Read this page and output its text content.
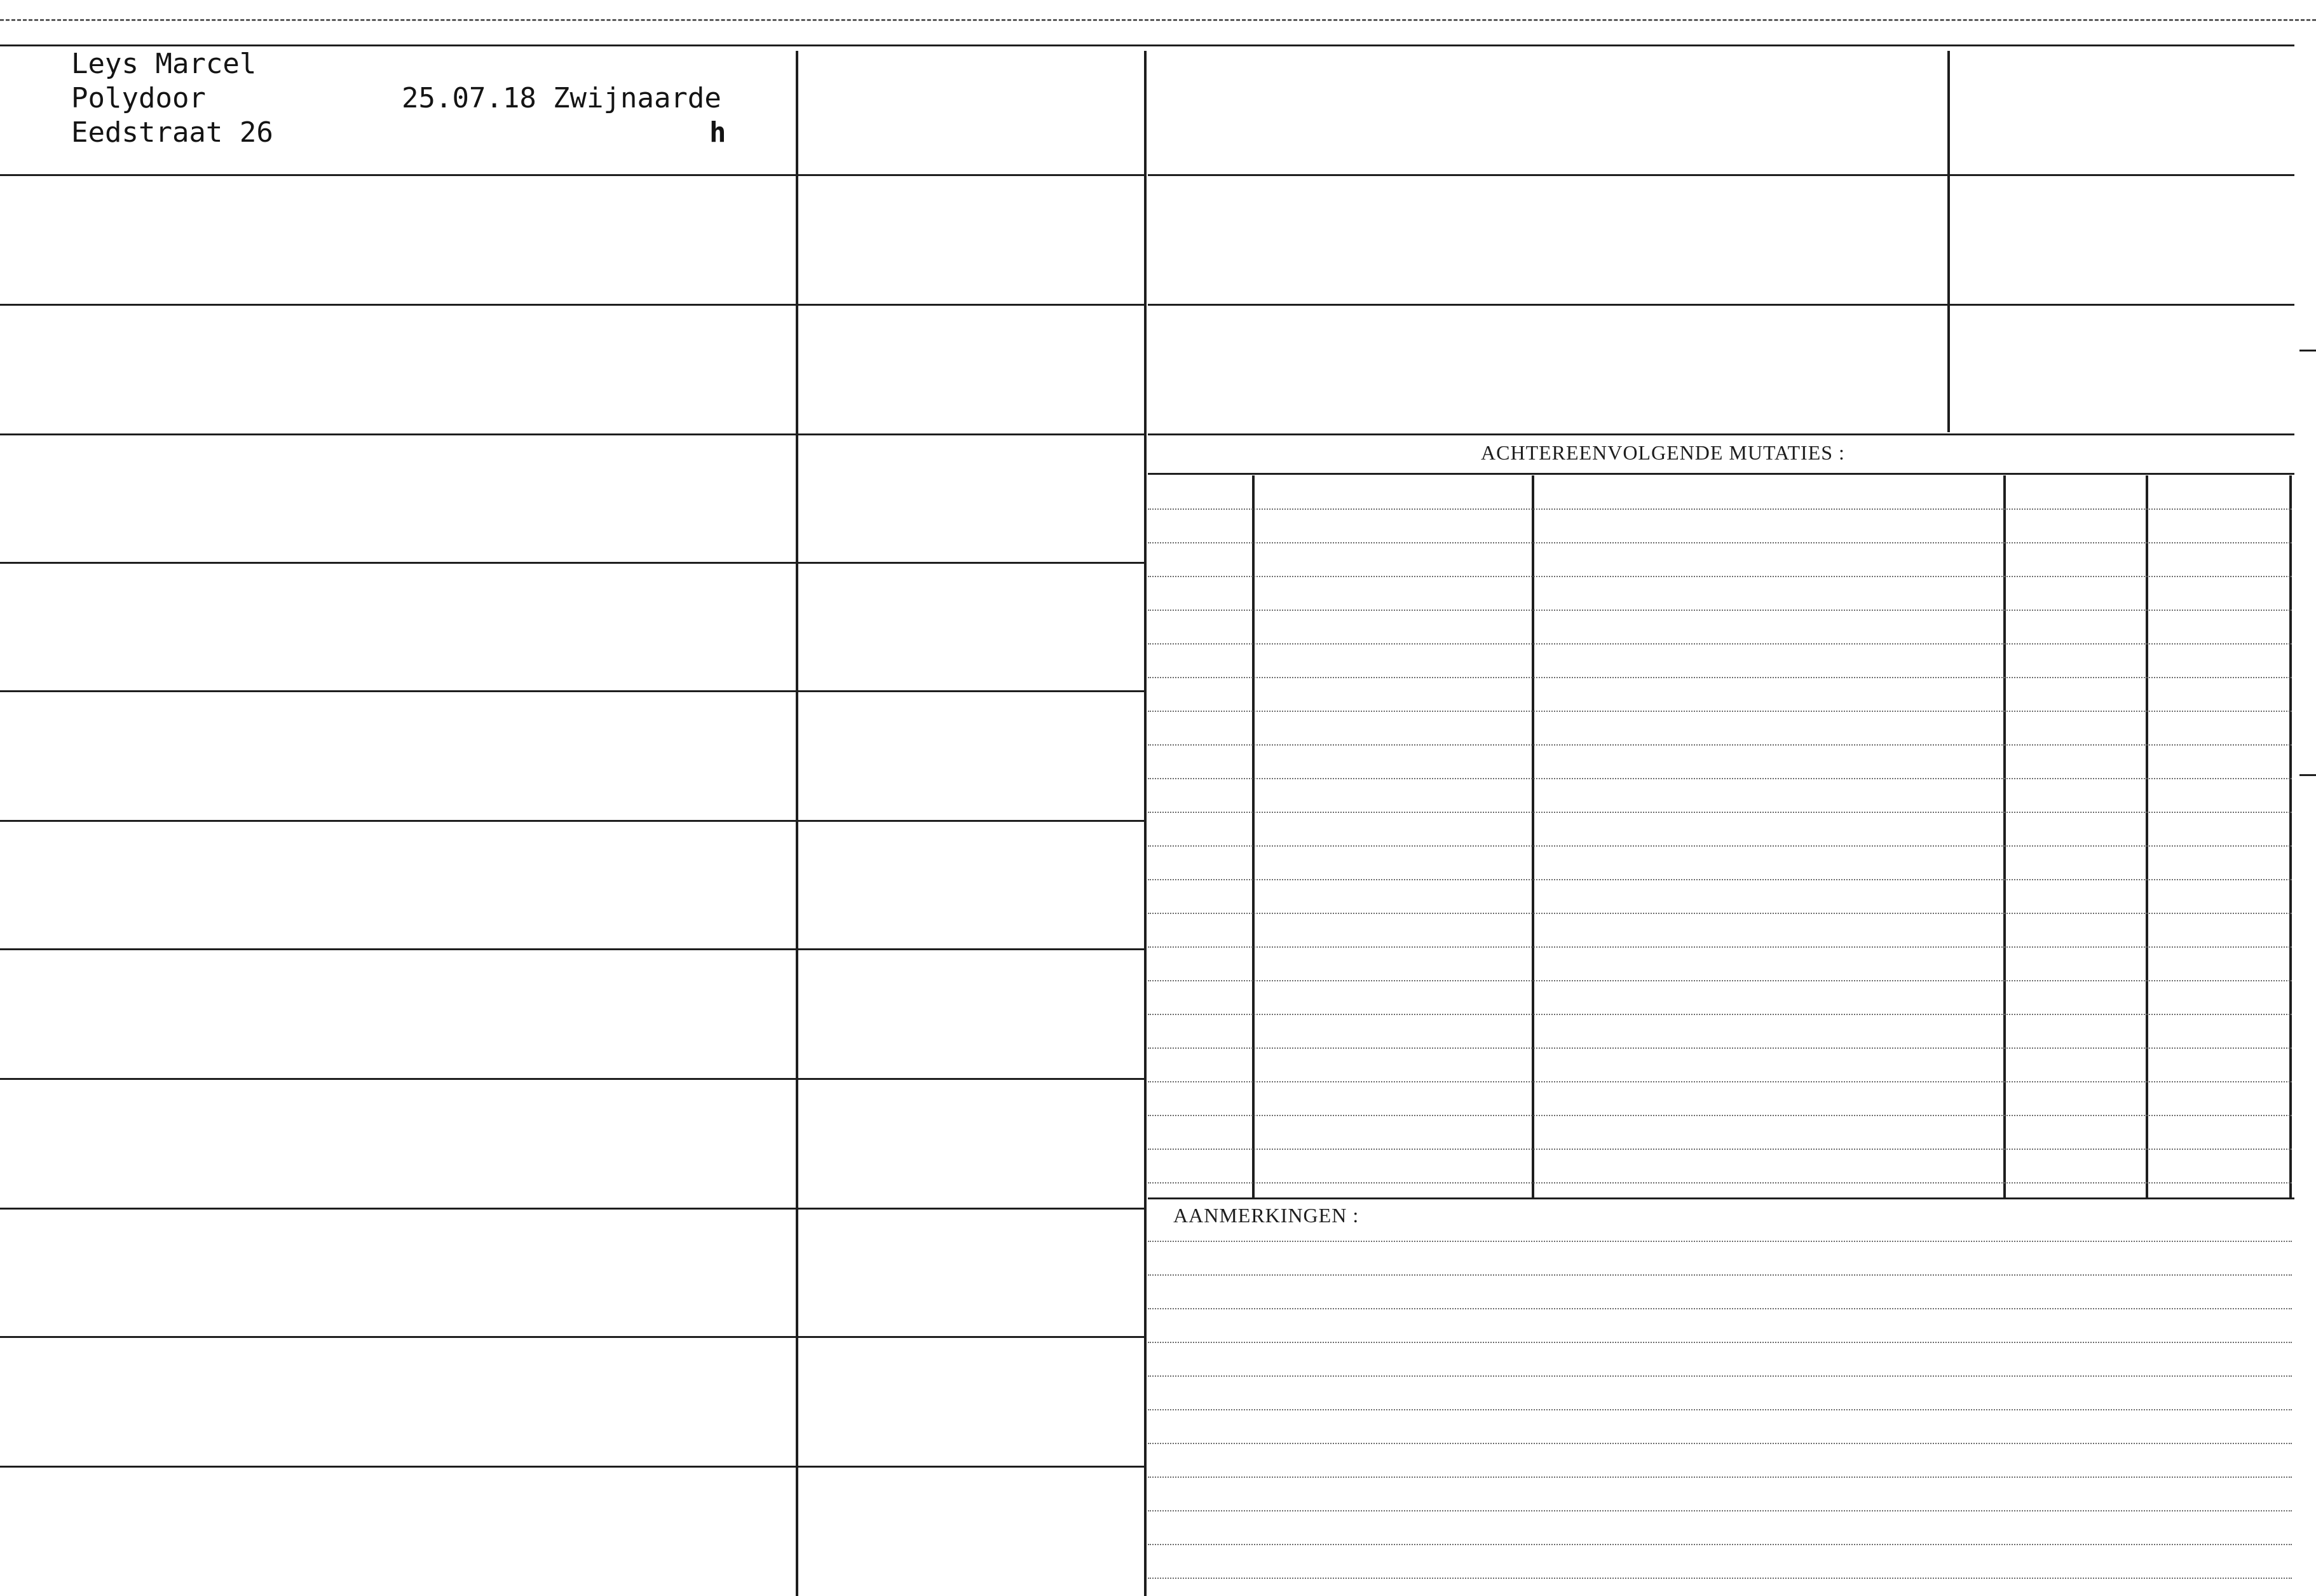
Leys Marcel
Polydoor
Eedstraat 26
25.07.18 Zwijnaarde
h
ACHTEREENVOLGENDE MUTATIES :
AANMERKINGEN :
